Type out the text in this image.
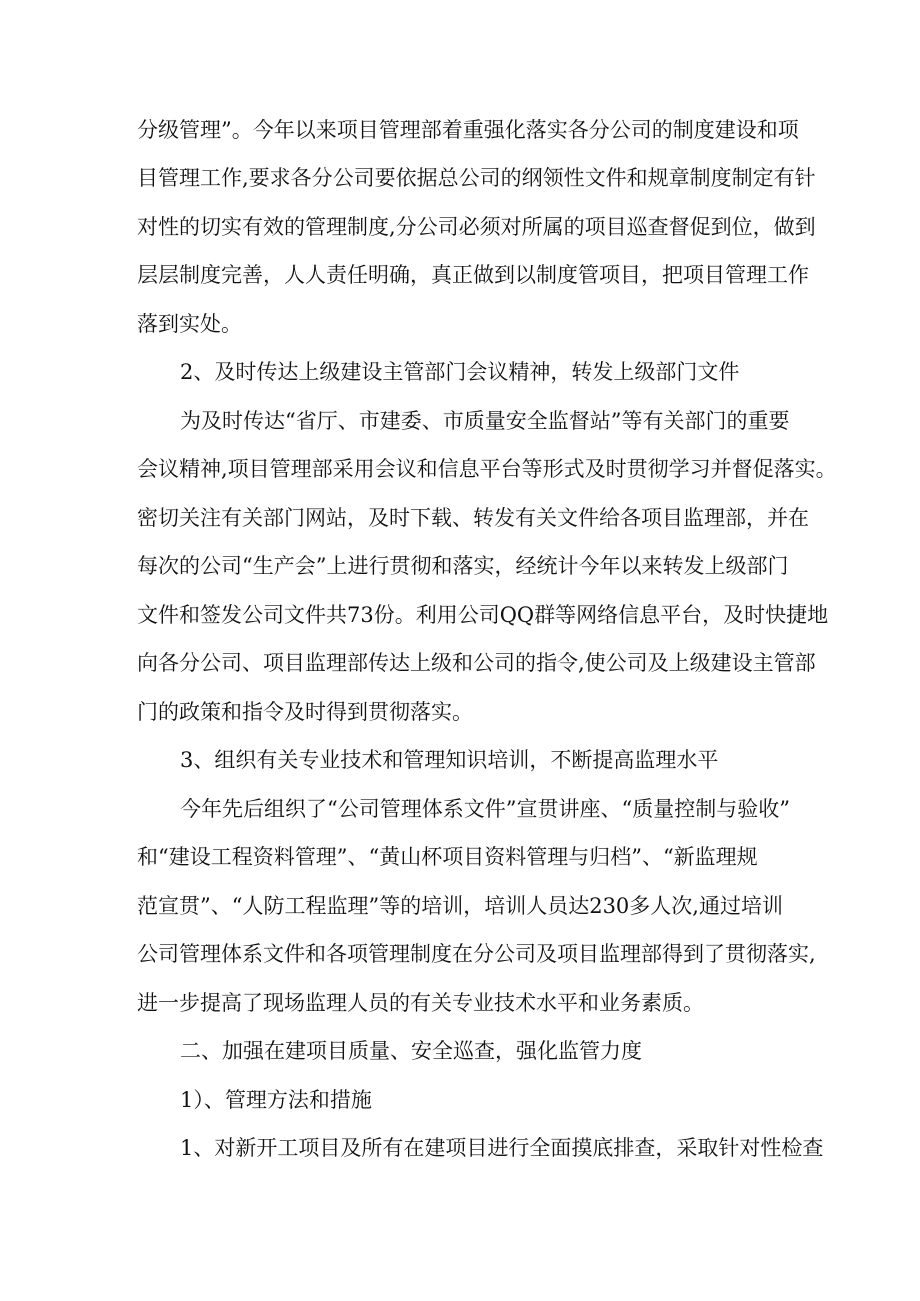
分级管理”。今年以来项目管理部着重强化落实各分公司的制度建设和项
目管理工作,要求各分公司要依据总公司的纲领性文件和规章制度制定有针
对性的切实有效的管理制度,分公司必须对所属的项目巡查督促到位，做到
层层制度完善，人人责任明确，真正做到以制度管项目，把项目管理工作
落到实处。
2、及时传达上级建设主管部门会议精神，转发上级部门文件
为及时传达“省厅、市建委、市质量安全监督站”等有关部门的重要
会议精神,项目管理部采用会议和信息平台等形式及时贯彻学习并督促落实。
密切关注有关部门网站，及时下载、转发有关文件给各项目监理部，并在
每次的公司“生产会”上进行贯彻和落实，经统计今年以来转发上级部门
文件和签发公司文件共73份。利用公司QQ群等网络信息平台，及时快捷地
向各分公司、项目监理部传达上级和公司的指令,使公司及上级建设主管部
门的政策和指令及时得到贯彻落实。
3、组织有关专业技术和管理知识培训，不断提高监理水平
今年先后组织了“公司管理体系文件”宣贯讲座、“质量控制与验收”
和“建设工程资料管理”、“黄山杯项目资料管理与归档”、“新监理规
范宣贯”、“人防工程监理”等的培训，培训人员达230多人次,通过培训
公司管理体系文件和各项管理制度在分公司及项目监理部得到了贯彻落实,
进一步提高了现场监理人员的有关专业技术水平和业务素质。
二、加强在建项目质量、安全巡查，强化监管力度
1）、管理方法和措施
1、对新开工项目及所有在建项目进行全面摸底排查，采取针对性检查
